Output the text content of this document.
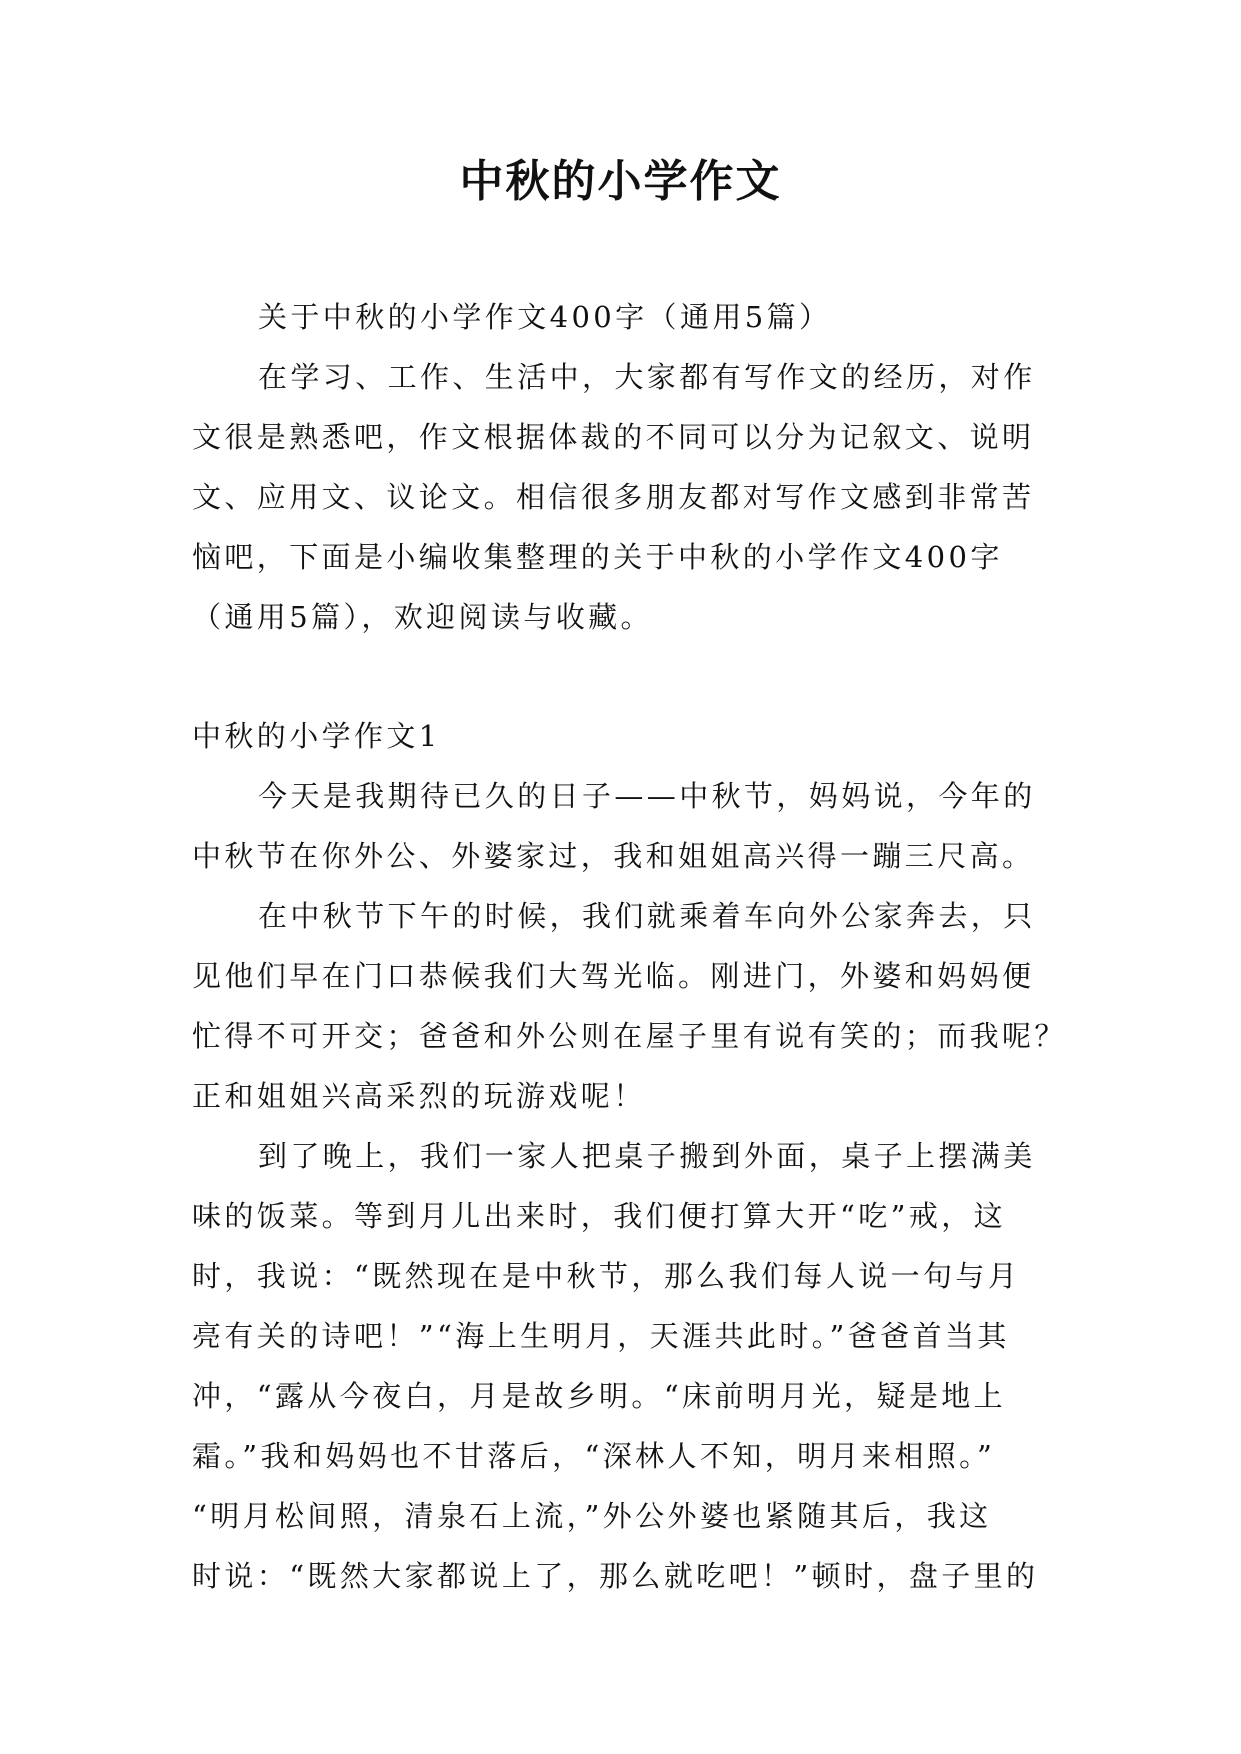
中秋的小学作文
关于中秋的小学作文400字（通用5篇）
在学习、工作、生活中，大家都有写作文的经历，对作
文很是熟悉吧，作文根据体裁的不同可以分为记叙文、说明
文、应用文、议论文。相信很多朋友都对写作文感到非常苦
恼吧，下面是小编收集整理的关于中秋的小学作文400字
（通用5篇），欢迎阅读与收藏。
中秋的小学作文1
今天是我期待已久的日子——中秋节，妈妈说，今年的
中秋节在你外公、外婆家过，我和姐姐高兴得一蹦三尺高。
在中秋节下午的时候，我们就乘着车向外公家奔去，只
见他们早在门口恭候我们大驾光临。刚进门，外婆和妈妈便
忙得不可开交；爸爸和外公则在屋子里有说有笑的；而我呢？
正和姐姐兴高采烈的玩游戏呢！
到了晚上，我们一家人把桌子搬到外面，桌子上摆满美
味的饭菜。等到月儿出来时，我们便打算大开“吃”戒，这
时，我说：“既然现在是中秋节，那么我们每人说一句与月
亮有关的诗吧！”“海上生明月，天涯共此时。”爸爸首当其
冲，“露从今夜白，月是故乡明。“床前明月光，疑是地上
霜。”我和妈妈也不甘落后，“深林人不知，明月来相照。”
“明月松间照，清泉石上流，”外公外婆也紧随其后，我这
时说：“既然大家都说上了，那么就吃吧！”顿时，盘子里的
